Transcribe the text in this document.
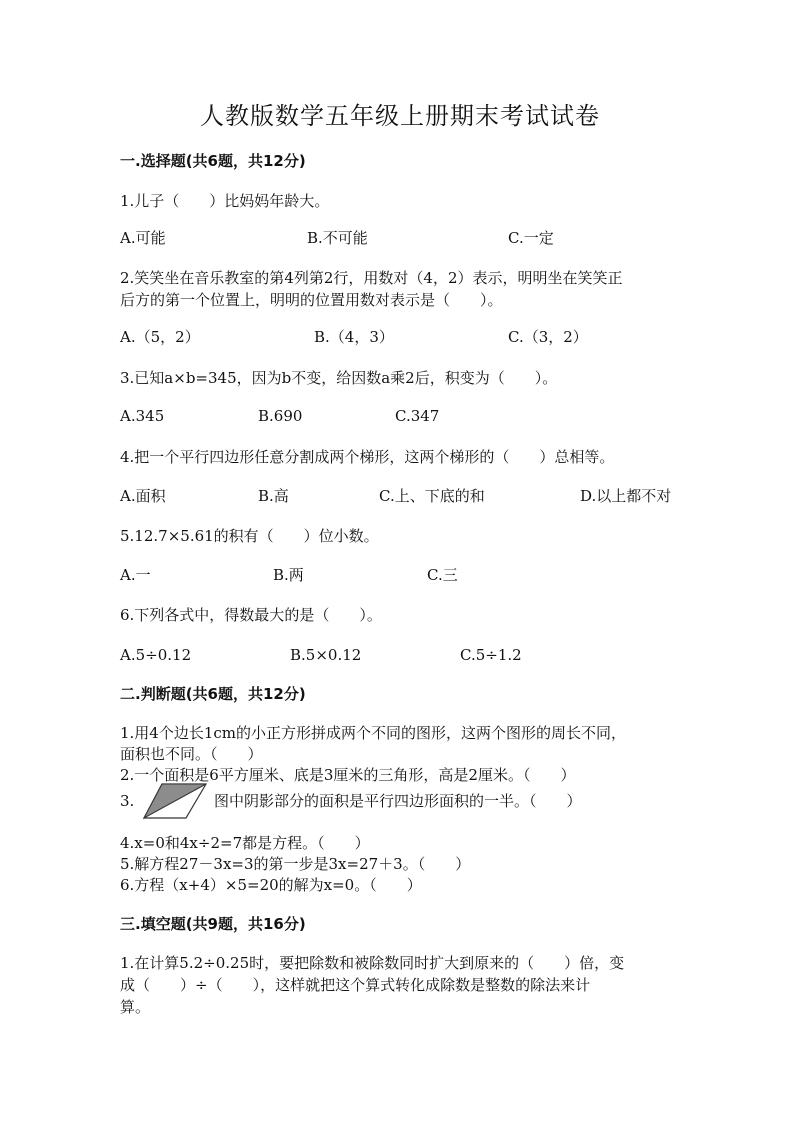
人教版数学五年级上册期末考试试卷
一.选择题(共6题，共12分)
1.儿子（　　）比妈妈年龄大。
A.可能	B.不可能	C.一定
2.笑笑坐在音乐教室的第4列第2行，用数对（4，2）表示，明明坐在笑笑正
后方的第一个位置上，明明的位置用数对表示是（　　）。
A.（5，2）	B.（4，3）	C.（3，2）
3.已知a×b=345，因为b不变，给因数a乘2后，积变为（　　）。
A.345	B.690	C.347
4.把一个平行四边形任意分割成两个梯形，这两个梯形的（　　）总相等。
A.面积	B.高	C.上、下底的和	D.以上都不对
5.12.7×5.61的积有（　　）位小数。
A.一	B.两	C.三
6.下列各式中，得数最大的是（　　）。
A.5÷0.12	B.5×0.12	C.5÷1.2
二.判断题(共6题，共12分)
1.用4个边长1cm的小正方形拼成两个不同的图形，这两个图形的周长不同，
面积也不同。（　　）
2.一个面积是6平方厘米、底是3厘米的三角形，高是2厘米。（　　）
3.	图中阴影部分的面积是平行四边形面积的一半。（　　）
4.x=0和4x÷2=7都是方程。（　　）
5.解方程27－3x=3的第一步是3x=27＋3。（　　）
6.方程（x+4）×5=20的解为x=0。（　　）
三.填空题(共9题，共16分)
1.在计算5.2÷0.25时，要把除数和被除数同时扩大到原来的（　　）倍，变
成（　　）÷（　　），这样就把这个算式转化成除数是整数的除法来计
算。
